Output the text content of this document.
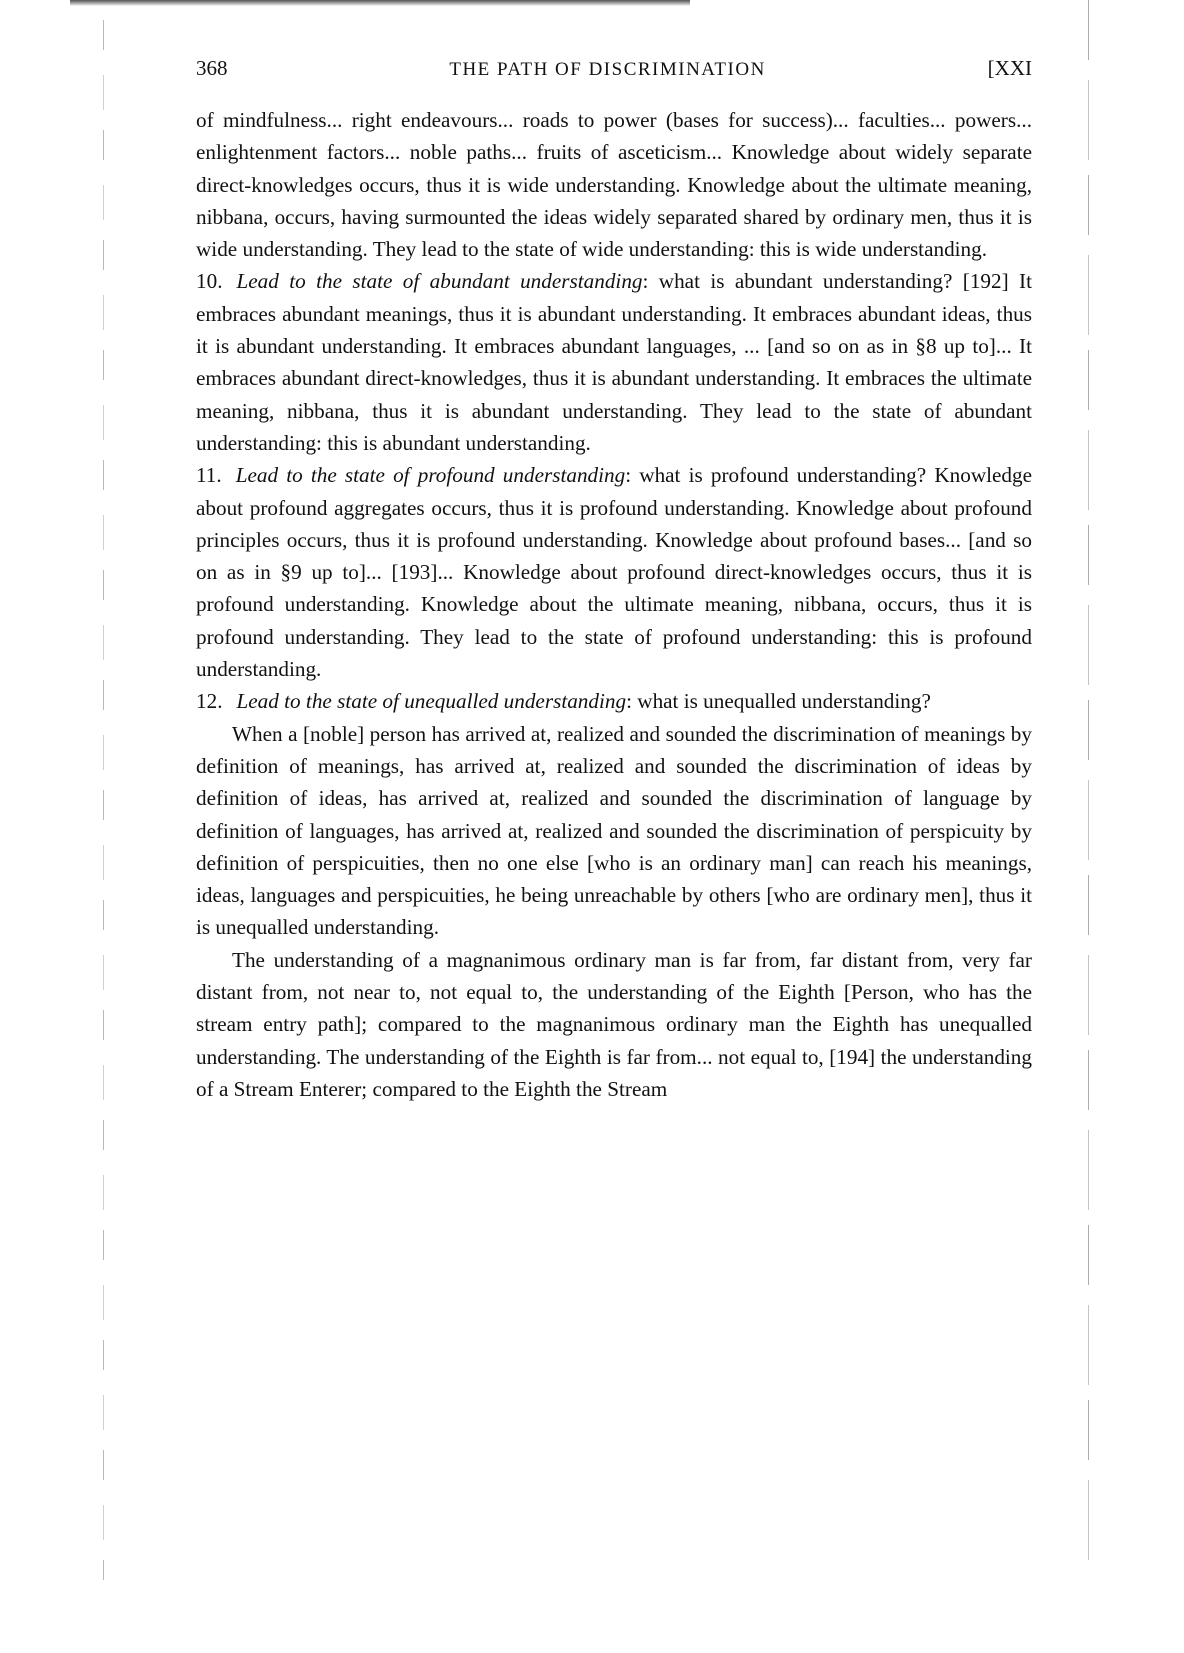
368	THE PATH OF DISCRIMINATION	[XXI

of mindfulness... right endeavours... roads to power (bases for success)... faculties... powers... enlightenment factors... noble paths... fruits of asceticism... Knowledge about widely separate direct-knowledges occurs, thus it is wide understanding. Knowledge about the ultimate meaning, nibbana, occurs, having surmounted the ideas widely separated shared by ordinary men, thus it is wide understanding. They lead to the state of wide understanding: this is wide understanding.

10. Lead to the state of abundant understanding: what is abundant understanding? [192] It embraces abundant meanings, thus it is abundant understanding. It embraces abundant ideas, thus it is abundant understanding. It embraces abundant languages, ... [and so on as in §8 up to]... It embraces abundant direct-knowledges, thus it is abundant understanding. It embraces the ultimate meaning, nibbana, thus it is abundant understanding. They lead to the state of abundant understanding: this is abundant understanding.

11. Lead to the state of profound understanding: what is profound understanding? Knowledge about profound aggregates occurs, thus it is profound understanding. Knowledge about profound principles occurs, thus it is profound understanding. Knowledge about profound bases... [and so on as in §9 up to]... [193]... Knowledge about profound direct-knowledges occurs, thus it is profound understanding. Knowledge about the ultimate meaning, nibbana, occurs, thus it is profound understanding. They lead to the state of profound understanding: this is profound understanding.

12. Lead to the state of unequalled understanding: what is unequalled understanding?

When a [noble] person has arrived at, realized and sounded the discrimination of meanings by definition of meanings, has arrived at, realized and sounded the discrimination of ideas by definition of ideas, has arrived at, realized and sounded the discrimination of language by definition of languages, has arrived at, realized and sounded the discrimination of perspicuity by definition of perspicuities, then no one else [who is an ordinary man] can reach his meanings, ideas, languages and perspicuities, he being unreachable by others [who are ordinary men], thus it is unequalled understanding.

The understanding of a magnanimous ordinary man is far from, far distant from, very far distant from, not near to, not equal to, the understanding of the Eighth [Person, who has the stream entry path]; compared to the magnanimous ordinary man the Eighth has unequalled understanding. The understanding of the Eighth is far from... not equal to, [194] the understanding of a Stream Enterer; compared to the Eighth the Stream
